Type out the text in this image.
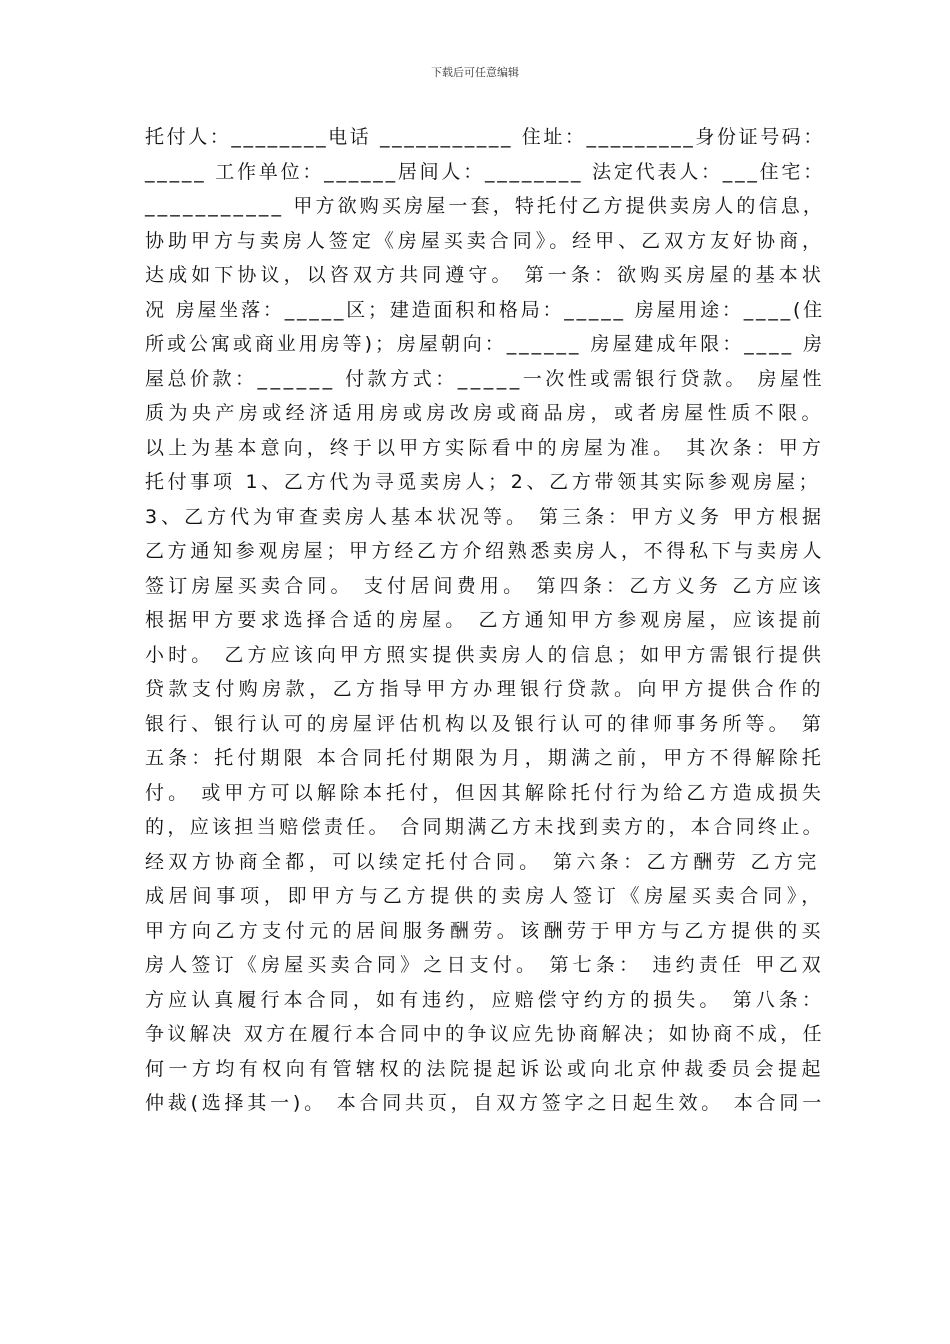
下载后可任意编辑
托付人：________电话 ___________ 住址：_________身份证号码：
_____ 工作单位：______居间人：________ 法定代表人：___住宅：
___________ 甲方欲购买房屋一套，特托付乙方提供卖房人的信息，
协助甲方与卖房人签定《房屋买卖合同》。经甲、乙双方友好协商，
达成如下协议，以咨双方共同遵守。 第一条：欲购买房屋的基本状
况 房屋坐落：_____区；建造面积和格局：_____ 房屋用途：____(住
所或公寓或商业用房等)；房屋朝向：______ 房屋建成年限：____ 房
屋总价款：______ 付款方式：_____一次性或需银行贷款。 房屋性
质为央产房或经济适用房或房改房或商品房，或者房屋性质不限。
以上为基本意向，终于以甲方实际看中的房屋为准。 其次条：甲方
托付事项 1、乙方代为寻觅卖房人；2、乙方带领其实际参观房屋；
3、乙方代为审查卖房人基本状况等。 第三条：甲方义务 甲方根据
乙方通知参观房屋；甲方经乙方介绍熟悉卖房人，不得私下与卖房人
签订房屋买卖合同。 支付居间费用。 第四条：乙方义务 乙方应该
根据甲方要求选择合适的房屋。 乙方通知甲方参观房屋，应该提前
小时。 乙方应该向甲方照实提供卖房人的信息；如甲方需银行提供
贷款支付购房款，乙方指导甲方办理银行贷款。向甲方提供合作的
银行、银行认可的房屋评估机构以及银行认可的律师事务所等。 第
五条：托付期限 本合同托付期限为月，期满之前，甲方不得解除托
付。 或甲方可以解除本托付，但因其解除托付行为给乙方造成损失
的，应该担当赔偿责任。 合同期满乙方未找到卖方的，本合同终止。
经双方协商全都，可以续定托付合同。 第六条：乙方酬劳 乙方完
成居间事项，即甲方与乙方提供的卖房人签订《房屋买卖合同》，
甲方向乙方支付元的居间服务酬劳。该酬劳于甲方与乙方提供的买
房人签订《房屋买卖合同》之日支付。 第七条： 违约责任 甲乙双
方应认真履行本合同，如有违约，应赔偿守约方的损失。 第八条：
争议解决 双方在履行本合同中的争议应先协商解决；如协商不成，任
何一方均有权向有管辖权的法院提起诉讼或向北京仲裁委员会提起
仲裁(选择其一)。 本合同共页，自双方签字之日起生效。 本合同一
